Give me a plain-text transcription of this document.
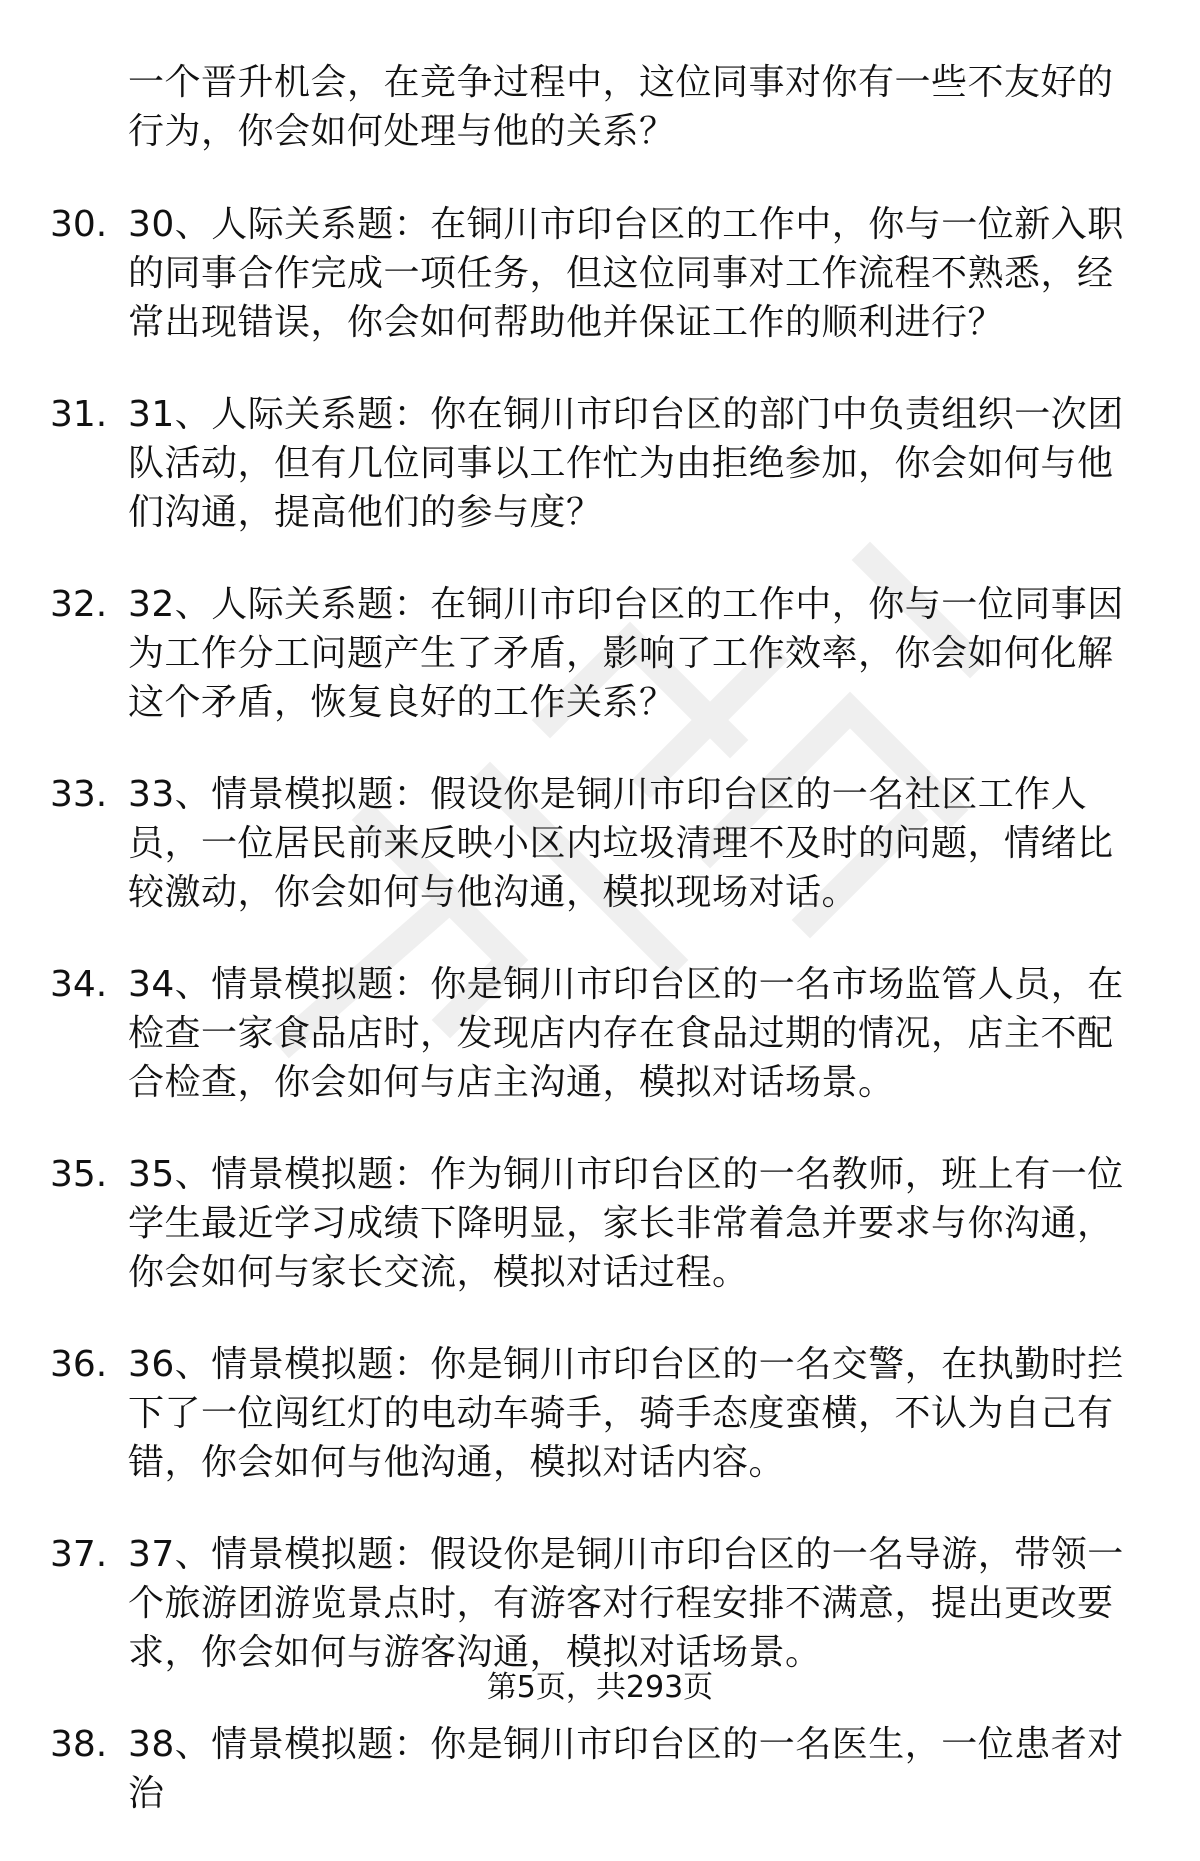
一个晋升机会，在竞争过程中，这位同事对你有一些不友好的行为，你会如何处理与他的关系？
30. 30、人际关系题：在铜川市印台区的工作中，你与一位新入职的同事合作完成一项任务，但这位同事对工作流程不熟悉，经常出现错误，你会如何帮助他并保证工作的顺利进行？
31. 31、人际关系题：你在铜川市印台区的部门中负责组织一次团队活动，但有几位同事以工作忙为由拒绝参加，你会如何与他们沟通，提高他们的参与度？
32. 32、人际关系题：在铜川市印台区的工作中，你与一位同事因为工作分工问题产生了矛盾，影响了工作效率，你会如何化解这个矛盾，恢复良好的工作关系？
33. 33、情景模拟题：假设你是铜川市印台区的一名社区工作人员，一位居民前来反映小区内垃圾清理不及时的问题，情绪比较激动，你会如何与他沟通，模拟现场对话。
34. 34、情景模拟题：你是铜川市印台区的一名市场监管人员，在检查一家食品店时，发现店内存在食品过期的情况，店主不配合检查，你会如何与店主沟通，模拟对话场景。
35. 35、情景模拟题：作为铜川市印台区的一名教师，班上有一位学生最近学习成绩下降明显，家长非常着急并要求与你沟通，你会如何与家长交流，模拟对话过程。
36. 36、情景模拟题：你是铜川市印台区的一名交警，在执勤时拦下了一位闯红灯的电动车骑手，骑手态度蛮横，不认为自己有错，你会如何与他沟通，模拟对话内容。
37. 37、情景模拟题：假设你是铜川市印台区的一名导游，带领一个旅游团游览景点时，有游客对行程安排不满意，提出更改要求，你会如何与游客沟通，模拟对话场景。
38. 38、情景模拟题：你是铜川市印台区的一名医生，一位患者对治
第5页，共293页
